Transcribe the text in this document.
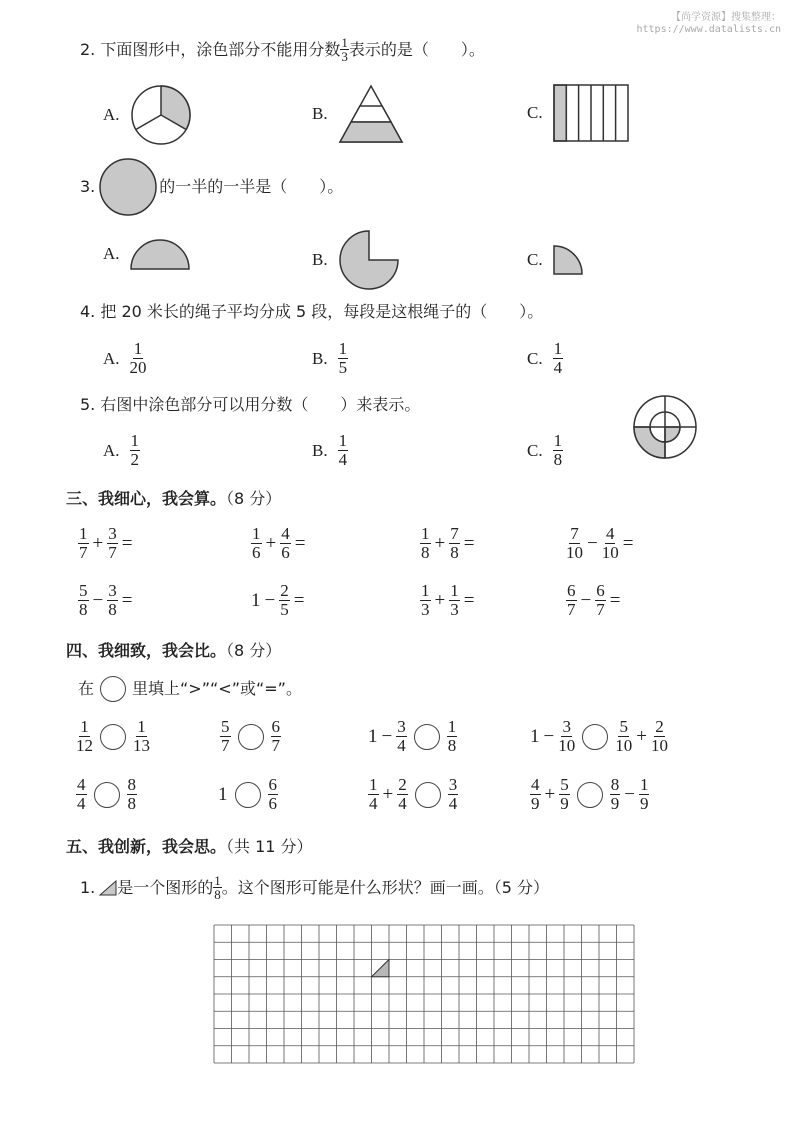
【尚学资源】搜集整理：
https://www.datalists.cn
2. 下面图形中，涂色部分不能用分数 $\frac{1}{3}$ 表示的是（　　）。
A.	B.	C.
3.	的一半的一半是（　　）。
A.	B.	C.
4. 把 20 米长的绳子平均分成 5 段，每段是这根绳子的（　　）。
A. $\frac{1}{20}$	B. $\frac{1}{5}$	C. $\frac{1}{4}$
5. 右图中涂色部分可以用分数（　　）来表示。
A. $\frac{1}{2}$	B. $\frac{1}{4}$	C. $\frac{1}{8}$
三、我细心，我会算。（8 分）
$\frac{1}{7} + \frac{3}{7}$ =	$\frac{1}{6} + \frac{4}{6}$ =	$\frac{1}{8} + \frac{7}{8}$ =	$\frac{7}{10} - \frac{4}{10}$ =
$\frac{5}{8} - \frac{3}{8}$ =	$1 - \frac{2}{5}$ =	$\frac{1}{3} + \frac{1}{3}$ =	$\frac{6}{7} - \frac{6}{7}$ =
四、我细致，我会比。（8 分）
在 里填上“>”“<”或“=”。
$\frac{1}{12} \frac{1}{13}$	$\frac{5}{7} \frac{6}{7}$	$1 - \frac{3}{4} \frac{1}{8}$	$1 - \frac{3}{10} \frac{5}{10} + \frac{2}{10}$
$\frac{4}{4} \frac{8}{8}$	$1 \frac{6}{6}$	$\frac{1}{4} + \frac{2}{4} \frac{3}{4}$	$\frac{4}{9} + \frac{5}{9} \frac{8}{9} - \frac{1}{9}$
五、我创新，我会思。（共 11 分）
1. 是一个图形的 $\frac{1}{8}$ 。这个图形可能是什么形状？画一画。（5 分）
